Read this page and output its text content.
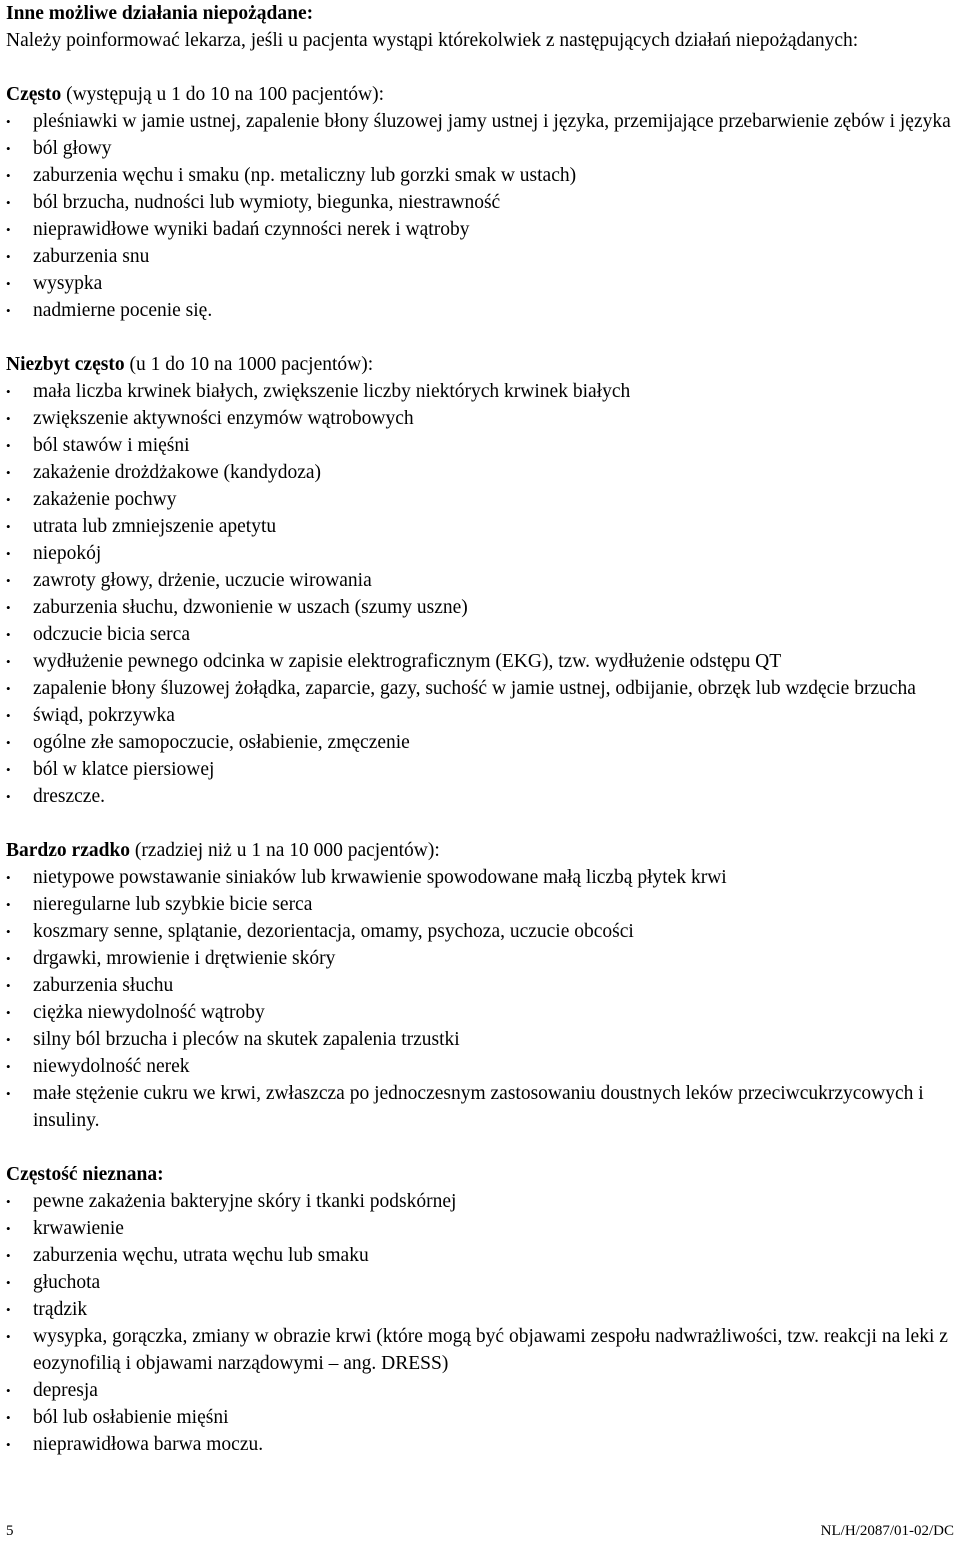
Inne możliwe działania niepożądane:
Należy poinformować lekarza, jeśli u pacjenta wystąpi którekolwiek z następujących działań niepożądanych:
Często (występują u 1 do 10 na 100 pacjentów):
• pleśniawki w jamie ustnej, zapalenie błony śluzowej jamy ustnej i języka, przemijające przebarwienie zębów i języka
• ból głowy
• zaburzenia węchu i smaku (np. metaliczny lub gorzki smak w ustach)
• ból brzucha, nudności lub wymioty, biegunka, niestrawność
• nieprawidłowe wyniki badań czynności nerek i wątroby
• zaburzenia snu
• wysypka
• nadmierne pocenie się.
Niezbyt często (u 1 do 10 na 1000 pacjentów):
• mała liczba krwinek białych, zwiększenie liczby niektórych krwinek białych
• zwiększenie aktywności enzymów wątrobowych
• ból stawów i mięśni
• zakażenie drożdżakowe (kandydoza)
• zakażenie pochwy
• utrata lub zmniejszenie apetytu
• niepokój
• zawroty głowy, drżenie, uczucie wirowania
• zaburzenia słuchu, dzwonienie w uszach (szumy uszne)
• odczucie bicia serca
• wydłużenie pewnego odcinka w zapisie elektrograficznym (EKG), tzw. wydłużenie odstępu QT
• zapalenie błony śluzowej żołądka, zaparcie, gazy, suchość w jamie ustnej, odbijanie, obrzęk lub wzdęcie brzucha
• świąd, pokrzywka
• ogólne złe samopoczucie, osłabienie, zmęczenie
• ból w klatce piersiowej
• dreszcze.
Bardzo rzadko (rzadziej niż u 1 na 10 000 pacjentów):
• nietypowe powstawanie siniaków lub krwawienie spowodowane małą liczbą płytek krwi
• nieregularne lub szybkie bicie serca
• koszmary senne, splątanie, dezorientacja, omamy, psychoza, uczucie obcości
• drgawki, mrowienie i drętwienie skóry
• zaburzenia słuchu
• ciężka niewydolność wątroby
• silny ból brzucha i pleców na skutek zapalenia trzustki
• niewydolność nerek
• małe stężenie cukru we krwi, zwłaszcza po jednoczesnym zastosowaniu doustnych leków przeciwcukrzycowych i insuliny.
Częstość nieznana:
• pewne zakażenia bakteryjne skóry i tkanki podskórnej
• krwawienie
• zaburzenia węchu, utrata węchu lub smaku
• głuchota
• trądzik
• wysypka, gorączka, zmiany w obrazie krwi (które mogą być objawami zespołu nadwrażliwości, tzw. reakcji na leki z eozynofilią i objawami narządowymi – ang. DRESS)
• depresja
• ból lub osłabienie mięśni
• nieprawidłowa barwa moczu.
5	NL/H/2087/01-02/DC
